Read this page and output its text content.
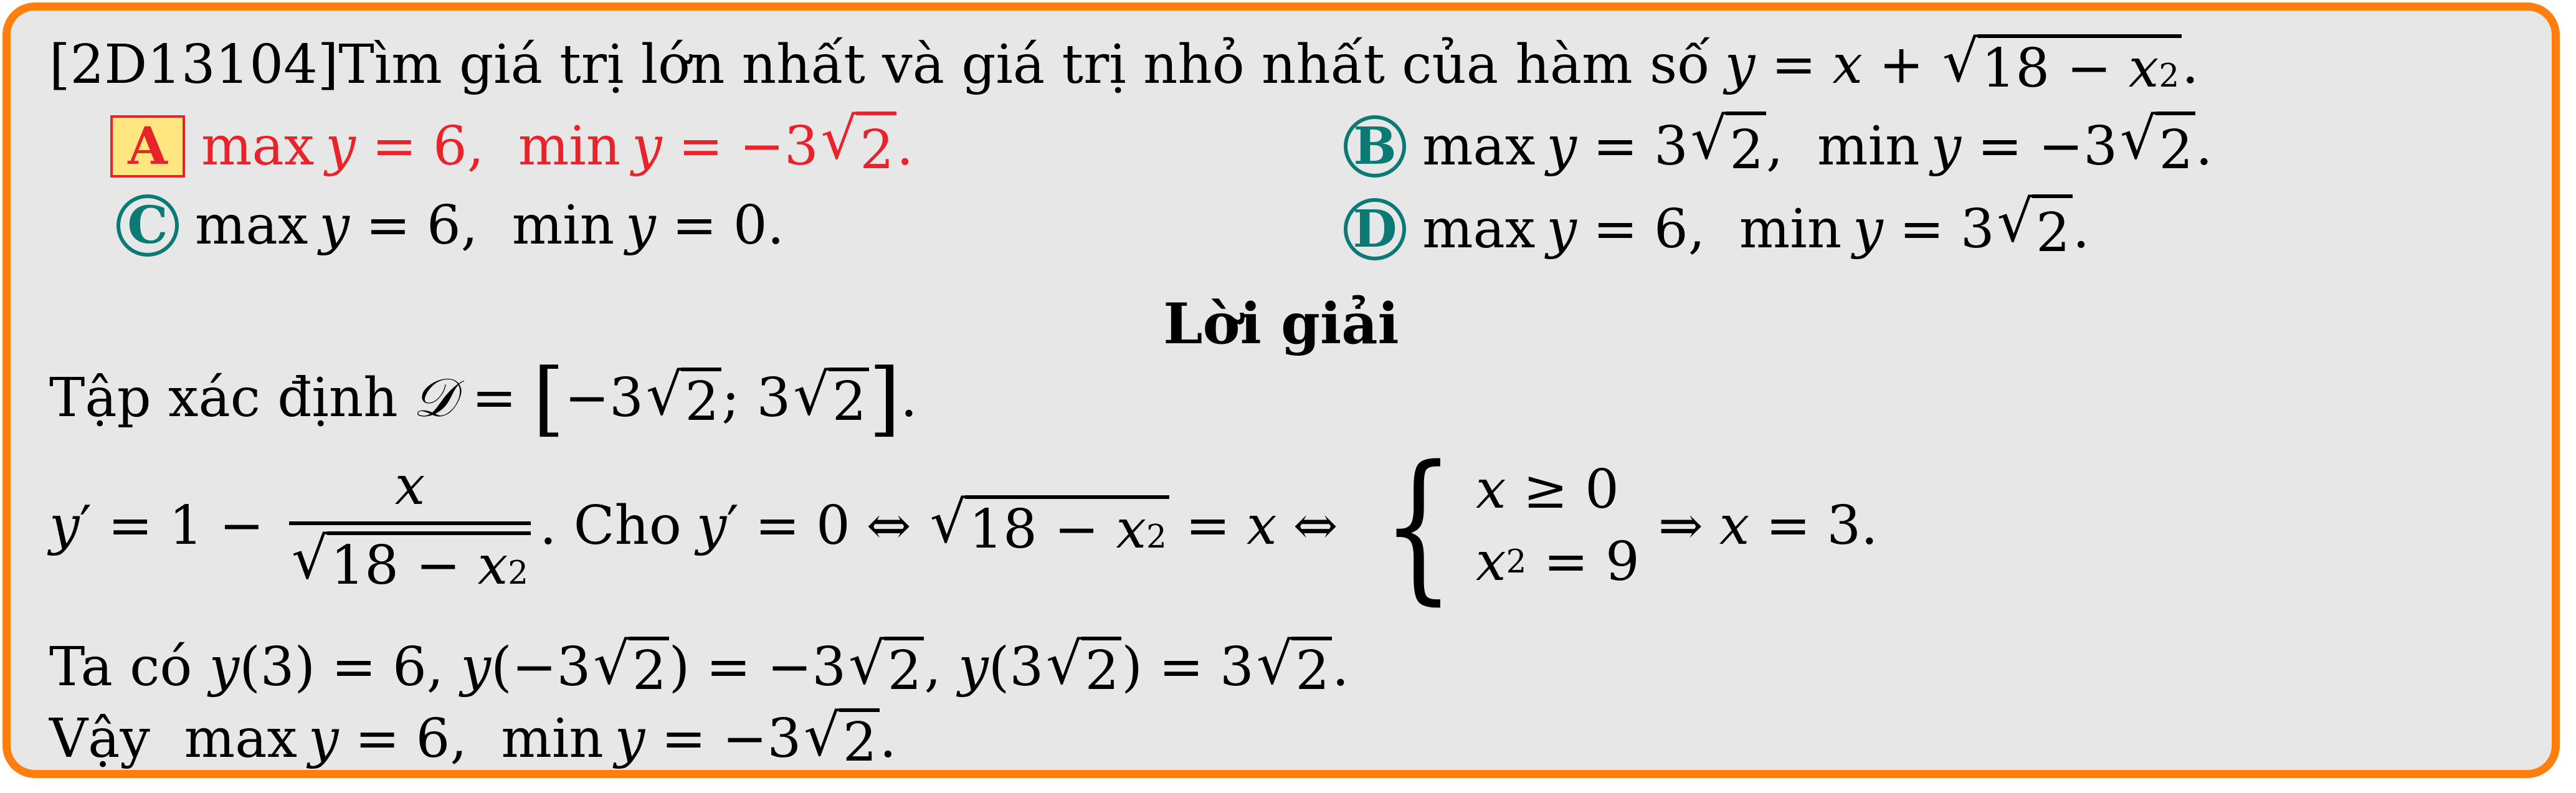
[2D13104] Tìm giá trị lớn nhất và giá trị nhỏ nhất của hàm số y = x + √ 18 − x 2 .
A max y = 6,  min y = −3 √ 2 .	B max y = 3 √ 2 ,  min y = −3 √ 2 .
C max y = 6,  min y = 0.	D max y = 6,  min y = 3 √ 2 .
Lời giải
Tập xác định 𝒟 = [ −3 √ 2 ; 3 √ 2 ] .
y ′ = $1 - \frac{x}{√ 18 - x 2}$ . Cho y ′ = 0 ⇔ √ 18 − x 2 = x ⇔ { x ≥ 0
x 2 = 9
⇒ x = 3.
Ta có
y (3) = 6, y (−3 √ 2 ) = −3 √ 2 , y (3 √ 2 ) = 3 √ 2 .
Vậy max y = 6,  min y = −3 √ 2 .
